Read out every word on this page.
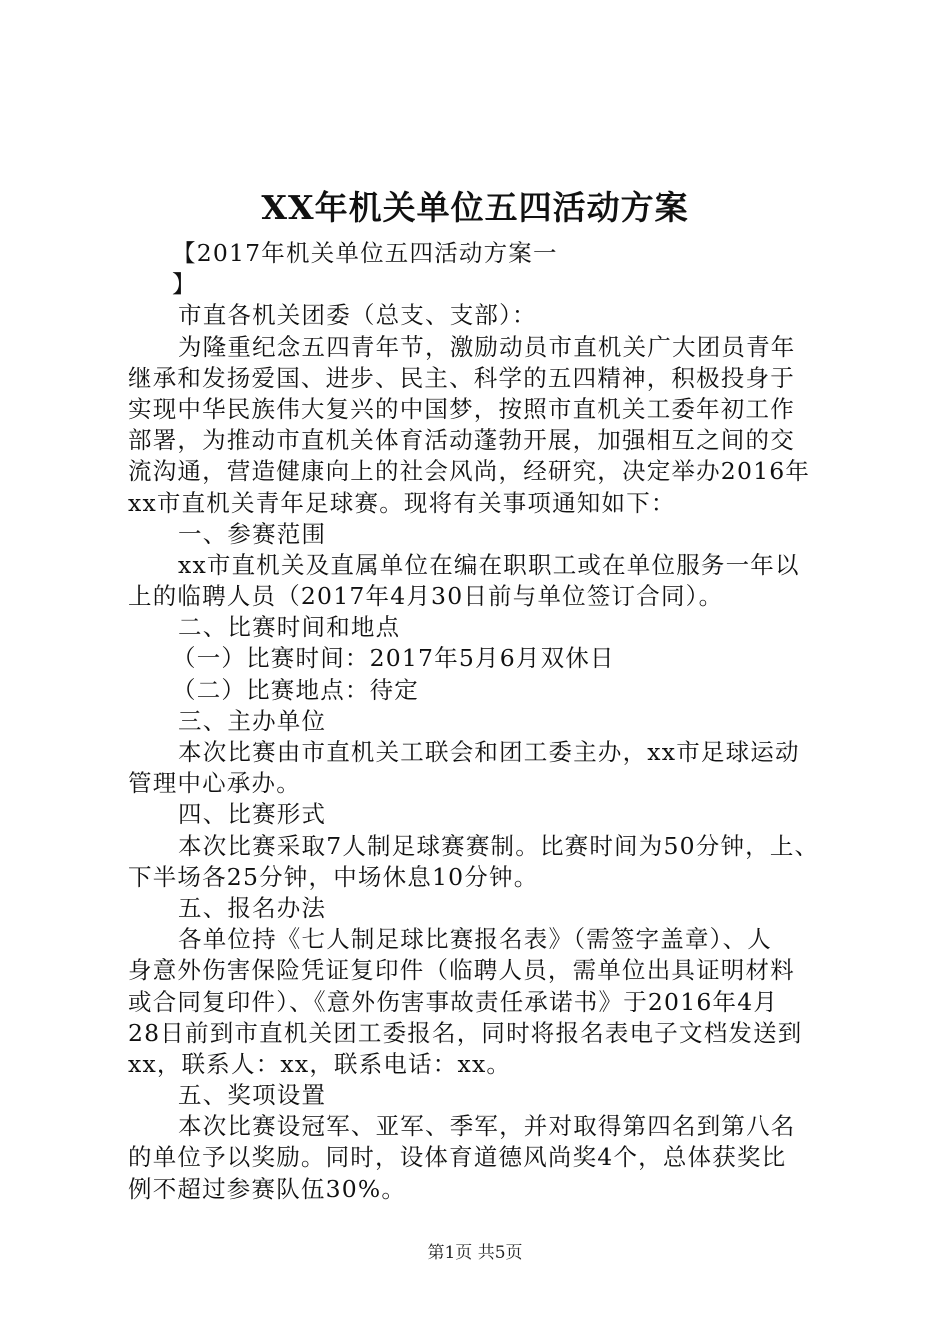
XX年机关单位五四活动方案

【2017年机关单位五四活动方案一

】

市直各机关团委（总支、支部）：

为隆重纪念五四青年节，激励动员市直机关广大团员青年

继承和发扬爱国、进步、民主、科学的五四精神，积极投身于

实现中华民族伟大复兴的中国梦，按照市直机关工委年初工作

部署，为推动市直机关体育活动蓬勃开展，加强相互之间的交

流沟通，营造健康向上的社会风尚，经研究，决定举办2016年

xx市直机关青年足球赛。现将有关事项通知如下：

一、参赛范围

xx市直机关及直属单位在编在职职工或在单位服务一年以

上的临聘人员（2017年4月30日前与单位签订合同）。

二、比赛时间和地点

（一）比赛时间：2017年5月6月双休日

（二）比赛地点：待定

三、主办单位

本次比赛由市直机关工联会和团工委主办，xx市足球运动

管理中心承办。

四、比赛形式

本次比赛采取7人制足球赛赛制。比赛时间为50分钟，上、

下半场各25分钟，中场休息10分钟。

五、报名办法

各单位持《七人制足球比赛报名表》（需签字盖章）、人

身意外伤害保险凭证复印件（临聘人员，需单位出具证明材料

或合同复印件）、《意外伤害事故责任承诺书》于2016年4月

28日前到市直机关团工委报名，同时将报名表电子文档发送到

xx，联系人：xx，联系电话：xx。

五、奖项设置

本次比赛设冠军、亚军、季军，并对取得第四名到第八名

的单位予以奖励。同时，设体育道德风尚奖4个，总体获奖比

例不超过参赛队伍30%。

第1页 共5页
